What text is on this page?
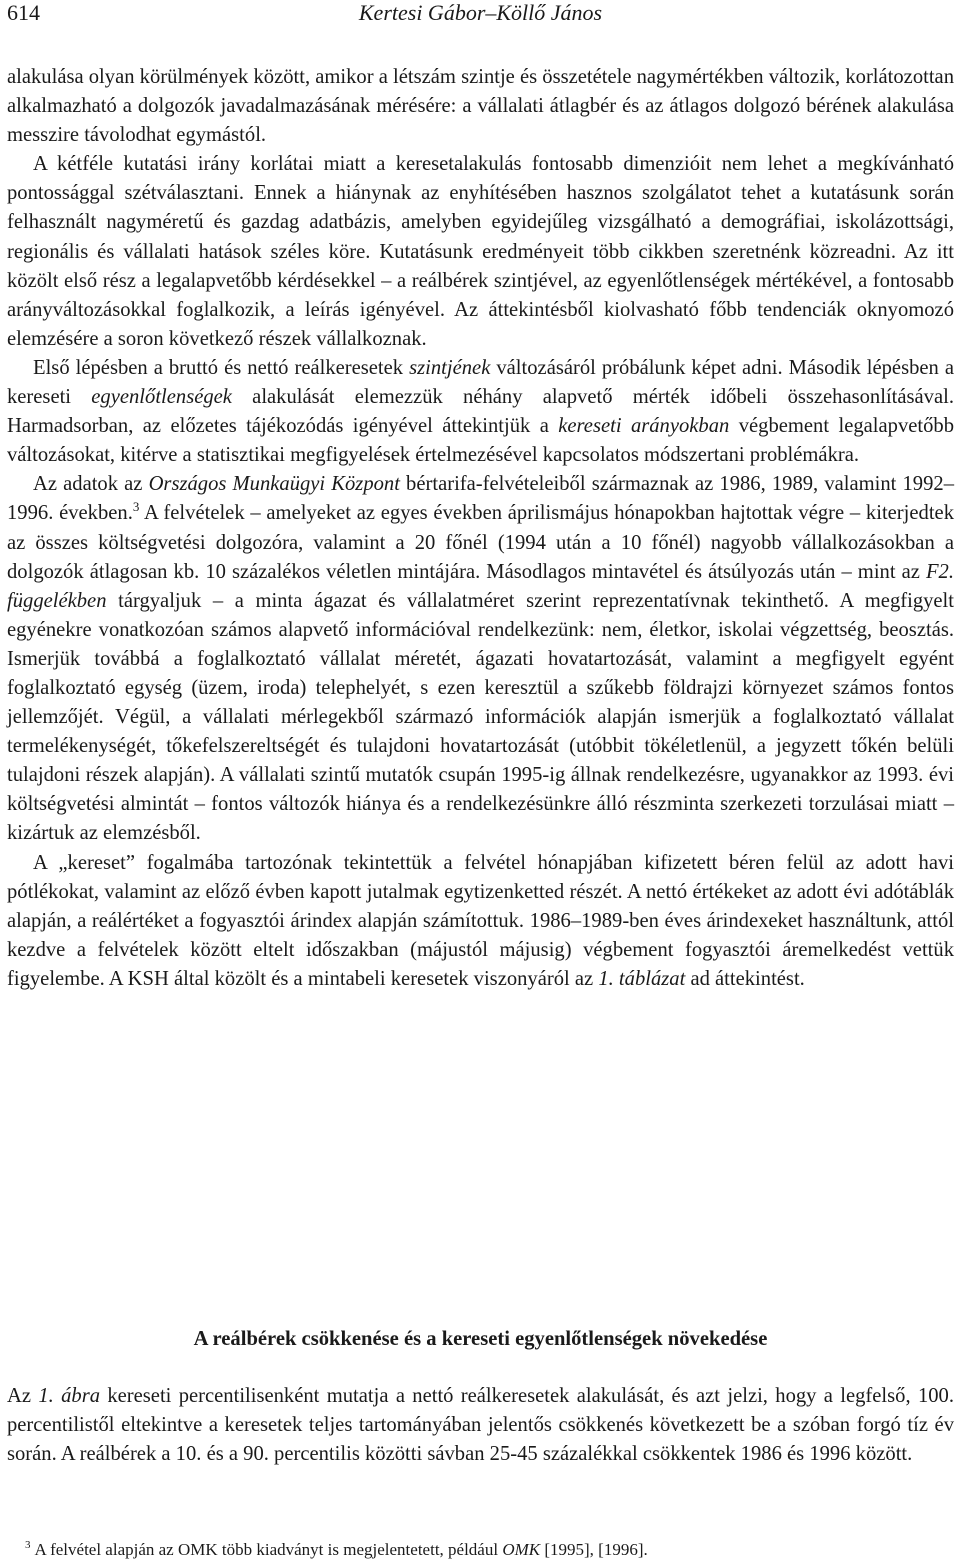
614	Kertesi Gábor–Köllő János

alakulása olyan körülmények között, amikor a létszám szintje és összetétele nagymértékben változik, korlátozottan alkalmazható a dolgozók javadalmazásának mérésére: a vállalati átlagbér és az átlagos dolgozó bérének alakulása messzire távolodhat egymástól.

A kétféle kutatási irány korlátai miatt a keresetalakulás fontosabb dimenzióit nem lehet a megkívánható pontossággal szétválasztani. Ennek a hiánynak az enyhítésében hasznos szolgálatot tehet a kutatásunk során felhasznált nagyméretű és gazdag adatbázis, amelyben egyidejűleg vizsgálható a demográfiai, iskolázottsági, regionális és vállalati hatások széles köre. Kutatásunk eredményeit több cikkben szeretnénk közreadni. Az itt közölt első rész a legalapvetőbb kérdésekkel – a reálbérek szintjével, az egyenlőtlenségek mértékével, a fontosabb arányváltozásokkal foglalkozik, a leírás igényével. Az áttekintésből kiolvasható főbb tendenciák oknyomozó elemzésére a soron következő részek vállalkoznak.

Első lépésben a bruttó és nettó reálkeresetek szintjének változásáról próbálunk képet adni. Második lépésben a kereseti egyenlőtlenségek alakulását elemezzük néhány alapvető mérték időbeli összehasonlításával. Harmadsorban, az előzetes tájékozódás igényével áttekintjük a kereseti arányokban végbement legalapvetőbb változásokat, kitérve a statisztikai megfigyelések értelmezésével kapcsolatos módszertani problémákra.

Az adatok az Országos Munkaügyi Központ bértarifa-felvételeiből származnak az 1986, 1989, valamint 1992–1996. években.$^3$ A felvételek – amelyeket az egyes években áprilismájus hónapokban hajtottak végre – kiterjedtek az összes költségvetési dolgozóra, valamint a 20 főnél (1994 után a 10 főnél) nagyobb vállalkozásokban a dolgozók átlagosan kb. 10 százalékos véletlen mintájára. Másodlagos mintavétel és átsúlyozás után – mint az F2. függelékben tárgyaljuk – a minta ágazat és vállalatméret szerint reprezentatívnak tekinthető. A megfigyelt egyénekre vonatkozóan számos alapvető információval rendelkezünk: nem, életkor, iskolai végzettség, beosztás. Ismerjük továbbá a foglalkoztató vállalat méretét, ágazati hovatartozását, valamint a megfigyelt egyént foglalkoztató egység (üzem, iroda) telephelyét, s ezen keresztül a szűkebb földrajzi környezet számos fontos jellemzőjét. Végül, a vállalati mérlegekből származó információk alapján ismerjük a foglalkoztató vállalat termelékenységét, tőkefelszereltségét és tulajdoni hovatartozását (utóbbit tökéletlenül, a jegyzett tőkén belüli tulajdoni részek alapján). A vállalati szintű mutatók csupán 1995-ig állnak rendelkezésre, ugyanakkor az 1993. évi költségvetési almintát – fontos változók hiánya és a rendelkezésünkre álló részminta szerkezeti torzulásai miatt – kizártuk az elemzésből.

A „kereset” fogalmába tartozónak tekintettük a felvétel hónapjában kifizetett béren felül az adott havi pótlékokat, valamint az előző évben kapott jutalmak egytizenketted részét. A nettó értékeket az adott évi adótáblák alapján, a reálértéket a fogyasztói árindex alapján számítottuk. 1986–1989-ben éves árindexeket használtunk, attól kezdve a felvételek között eltelt időszakban (májustól májusig) végbement fogyasztói áremelkedést vettük figyelembe. A KSH által közölt és a mintabeli keresetek viszonyáról az 1. táblázat ad áttekintést.

A reálbérek csökkenése és a kereseti egyenlőtlenségek növekedése

Az 1. ábra kereseti percentilisenként mutatja a nettó reálkeresetek alakulását, és azt jelzi, hogy a legfelső, 100. percentilistől eltekintve a keresetek teljes tartományában jelentős csökkenés következett be a szóban forgó tíz év során. A reálbérek a 10. és a 90. percentilis közötti sávban 25-45 százalékkal csökkentek 1986 és 1996 között.

$^3$ A felvétel alapján az OMK több kiadványt is megjelentetett, például OMK [1995], [1996].
